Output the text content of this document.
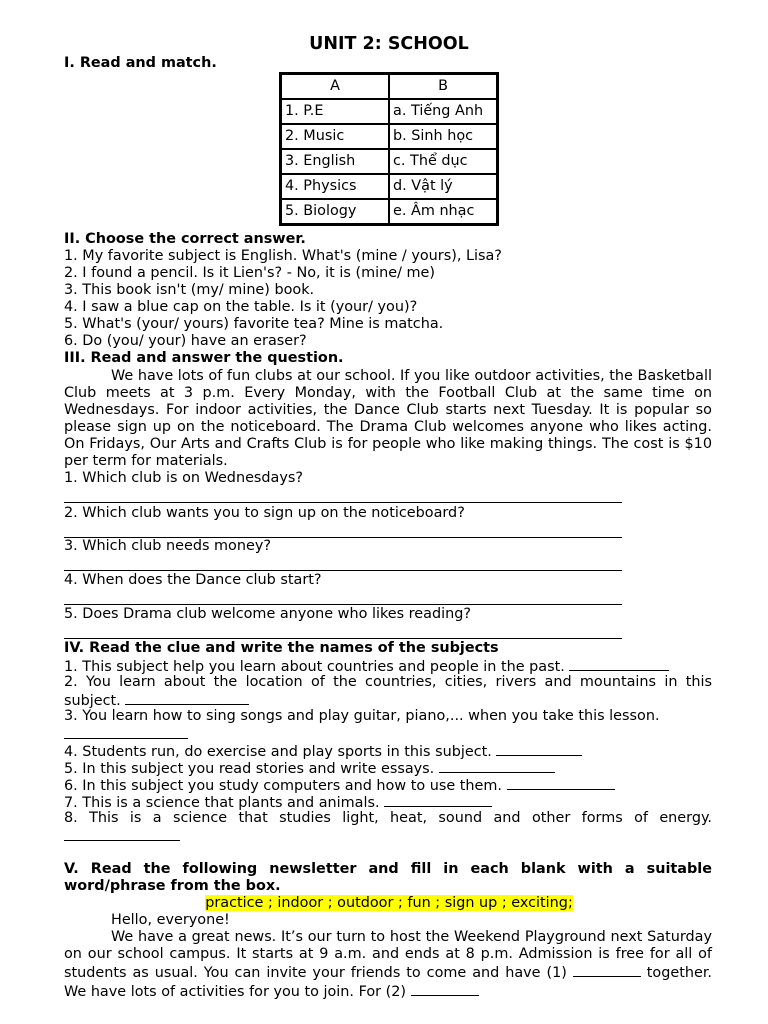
UNIT 2: SCHOOL
I. Read and match.
A	B
1. P.E	a. Tiếng Anh
2. Music	b. Sinh học
3. English	c. Thể dục
4. Physics	d. Vật lý
5. Biology	e. Âm nhạc
II. Choose the correct answer.
1. My favorite subject is English. What's (mine / yours), Lisa?
2. I found a pencil. Is it Lien's? - No, it is (mine/ me)
3. This book isn't (my/ mine) book.
4. I saw a blue cap on the table. Is it (your/ you)?
5. What's (your/ yours) favorite tea? Mine is matcha.
6. Do (you/ your) have an eraser?
III. Read and answer the question.
We have lots of fun clubs at our school. If you like outdoor activities, the Basketball Club meets at 3 p.m. Every Monday, with the Football Club at the same time on Wednesdays. For indoor activities, the Dance Club starts next Tuesday. It is popular so please sign up on the noticeboard. The Drama Club welcomes anyone who likes acting. On Fridays, Our Arts and Crafts Club is for people who like making things. The cost is $10 per term for materials.
1. Which club is on Wednesdays?
2. Which club wants you to sign up on the noticeboard?
3. Which club needs money?
4. When does the Dance club start?
5. Does Drama club welcome anyone who likes reading?
IV. Read the clue and write the names of the subjects
1. This subject help you learn about countries and people in the past.
2. You learn about the location of the countries, cities, rivers and mountains in this subject.
3. You learn how to sing songs and play guitar, piano,... when you take this lesson.
4. Students run, do exercise and play sports in this subject.
5. In this subject you read stories and write essays.
6. In this subject you study computers and how to use them.
7. This is a science that plants and animals.
8. This is a science that studies light, heat, sound and other forms of energy.
V. Read the following newsletter and fill in each blank with a suitable word/phrase from the box.
practice ; indoor ; outdoor ; fun ; sign up ; exciting;
Hello, everyone!
We have a great news. It’s our turn to host the Weekend Playground next Saturday on our school campus. It starts at 9 a.m. and ends at 8 p.m. Admission is free for all of students as usual. You can invite your friends to come and have (1)	together. We have lots of activities for you to join. For (2)
